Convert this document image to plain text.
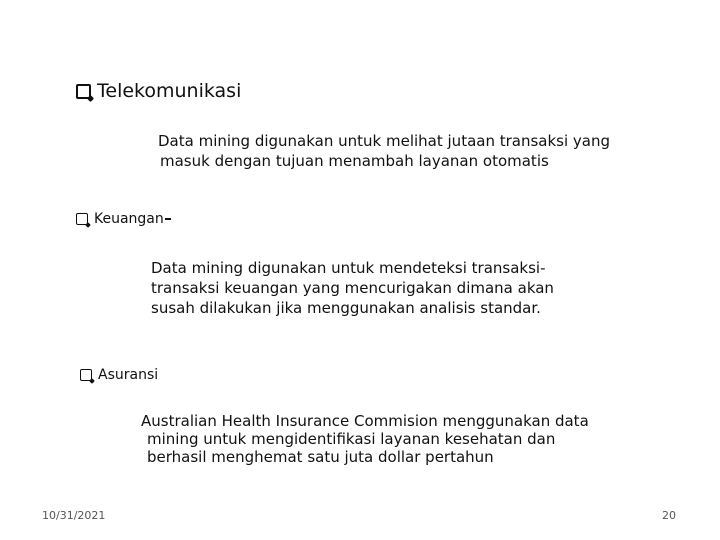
Telekomunikasi

Data mining digunakan untuk melihat jutaan transaksi yang
masuk dengan tujuan menambah layanan otomatis

Keuangan

Data mining digunakan untuk mendeteksi transaksi-
transaksi keuangan yang mencurigakan dimana akan
susah dilakukan jika menggunakan analisis standar.

Asuransi

Australian Health Insurance Commision menggunakan data
mining untuk mengidentifikasi layanan kesehatan dan
berhasil menghemat satu juta dollar pertahun

10/31/2021	20
